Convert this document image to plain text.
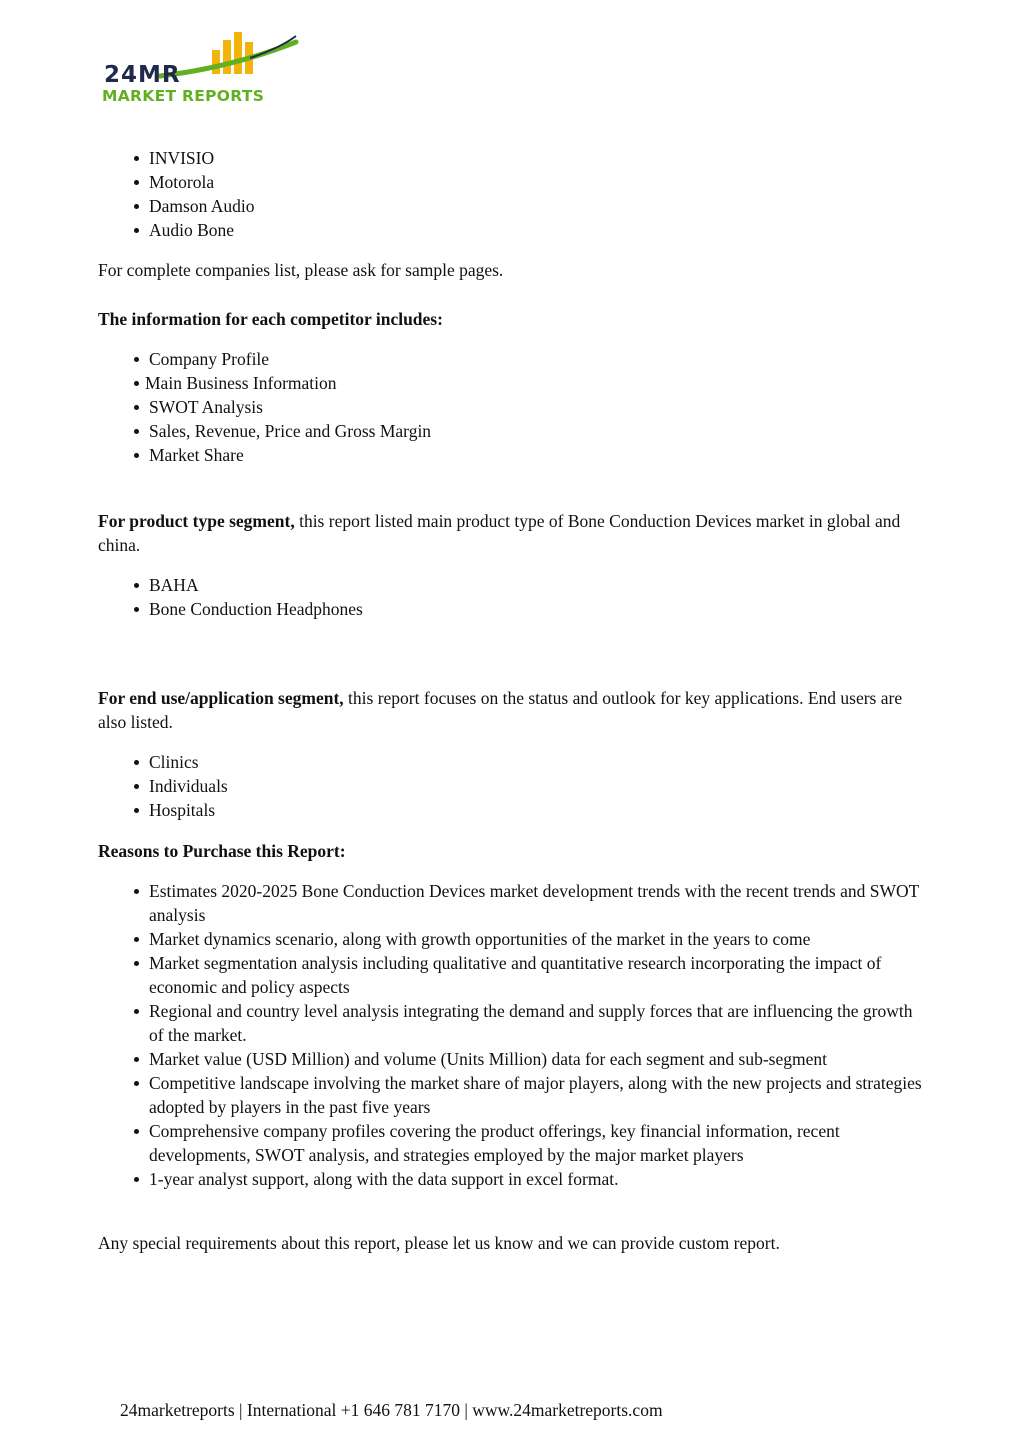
24MR
MARKET REPORTS
INVISIO
Motorola
Damson Audio
Audio Bone

For complete companies list, please ask for sample pages.

The information for each competitor includes:

Company Profile
Main Business Information
SWOT Analysis
Sales, Revenue, Price and Gross Margin
Market Share

For product type segment, this report listed main product type of Bone Conduction Devices market in global and china.

BAHA
Bone Conduction Headphones

For end use/application segment, this report focuses on the status and outlook for key applications. End users are also listed.

Clinics
Individuals
Hospitals

Reasons to Purchase this Report:

Estimates 2020-2025 Bone Conduction Devices market development trends with the recent trends and SWOT analysis
Market dynamics scenario, along with growth opportunities of the market in the years to come
Market segmentation analysis including qualitative and quantitative research incorporating the impact of economic and policy aspects
Regional and country level analysis integrating the demand and supply forces that are influencing the growth of the market.
Market value (USD Million) and volume (Units Million) data for each segment and sub-segment
Competitive landscape involving the market share of major players, along with the new projects and strategies adopted by players in the past five years
Comprehensive company profiles covering the product offerings, key financial information, recent developments, SWOT analysis, and strategies employed by the major market players
1-year analyst support, along with the data support in excel format.

Any special requirements about this report, please let us know and we can provide custom report.

24marketreports | International +1 646 781 7170 | www.24marketreports.com
